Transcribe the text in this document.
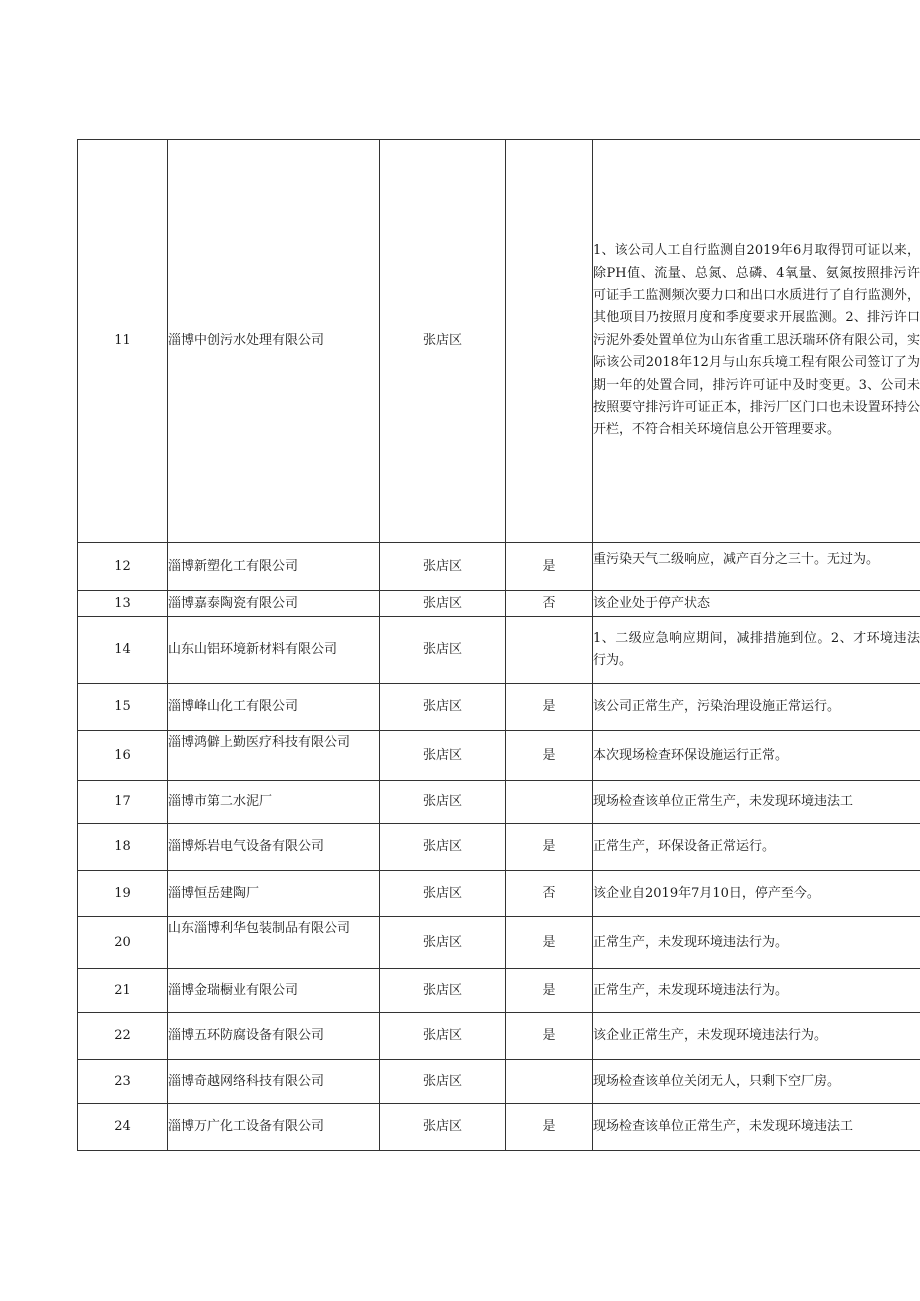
11	淄博中创污水处理有限公司	张店区		1、该公司人工自行监测自2019年6月取得罚可证以来，除PH值、流量、总氮、总磷、4氧量、氨氮按照排污许可证手工监测频次要力口和出口水质进行了自行监测外，其他项目乃按照月度和季度要求开展监测。2、排污许口污泥外委处置单位为山东省重工思沃瑞环侪有限公司，实际该公司2018年12月与山东兵境工程有限公司签订了为期一年的处置合同，排污许可证中及时变更。3、公司未按照要守排污许可证正本，排污厂区门口也未设置环持公开栏，不符合相关环境信息公开管理要求。

12	淄博新塑化工有限公司	张店区	是	重污染天气二级响应，减产百分之三十。无过为。
13	淄博嘉泰陶瓷有限公司	张店区	否	该企业处于停产状态
14	山东山铝环境新材料有限公司	张店区		1、二级应急响应期间，减排措施到位。2、才环境违法行为。

15	淄博峰山化工有限公司	张店区	是	该公司正常生产，污染治理设施正常运行。
16	淄博鸿僻上勤医疗科技有限公司	张店区	是	本次现场检查环保设施运行正常。
17	淄博市第二水泥厂	张店区		现场检查该单位正常生产，未发现环境违法工
18	淄博烁岩电气设备有限公司	张店区	是	正常生产，环保设备正常运行。
19	淄博恒岳建陶厂	张店区	否	该企业自2019年7月10日，停产至今。
20	山东淄博利华包装制品有限公司	张店区	是	正常生产，未发现环境违法行为。
21	淄博金瑞橱业有限公司	张店区	是	正常生产，未发现环境违法行为。
22	淄博五环防腐设备有限公司	张店区	是	该企业正常生产，未发现环境违法行为。
23	淄博奇越网络科技有限公司	张店区		现场检查该单位关闭无人，只剩下空厂房。
24	淄博万广化工设备有限公司	张店区	是	现场检查该单位正常生产，未发现环境违法工
